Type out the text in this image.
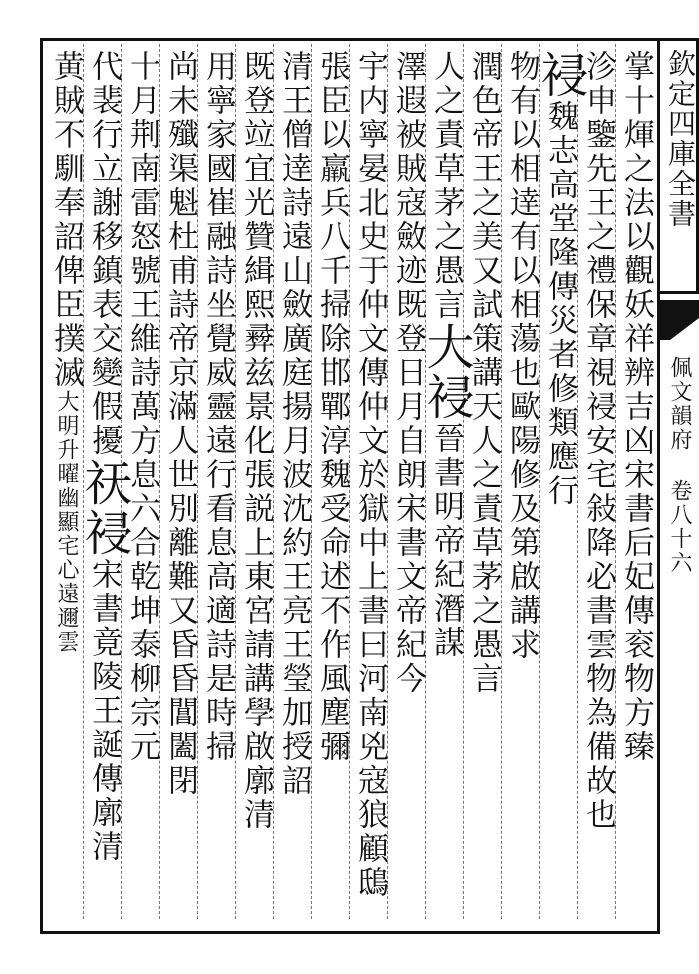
掌十煇之法以觀妖祥辨吉凶宋書后妃傳衮物方臻
沴申鑒先王之禮保章視祲安宅敍降必書雲物為備故也
祲魏志高堂隆傳災者修類應行
物有以相逹有以相蕩也歐陽修及第啟講求
潤色帝王之美又試策講天人之責草茅之愚言
人之責草茅之愚言大祲晉書明帝紀潛謀
澤遐被賊寇斂迹既登日月自朗宋書文帝紀今
宇内寧晏北史于仲文傳仲文於獄中上書曰河南兇寇狼顧鴟
張臣以羸兵八千掃除邯鄲淳魏受命述不作風塵彌
清王僧逹詩遠山斂廣庭揚月波沈約王亮王瑩加授詔
既登竝宜光贊緝熙彛兹景化張説上東宮請講學啟廓清
用寧家國崔融詩坐覺威靈遠行看息高適詩是時掃
尚未殲渠魁杜甫詩帝京滿人世別離難又昏昏閶闔閉
十月荆南雷怒號王維詩萬方息六合乾坤泰柳宗元
代裴行立謝移鎮表交變假擾祆祲宋書竟陵王誕傳廓清
黄賊不馴奉詔俾臣撲滅大明升曜幽顯宅心遠邇雲
欽定四庫全書
佩文韻府 卷八十六
